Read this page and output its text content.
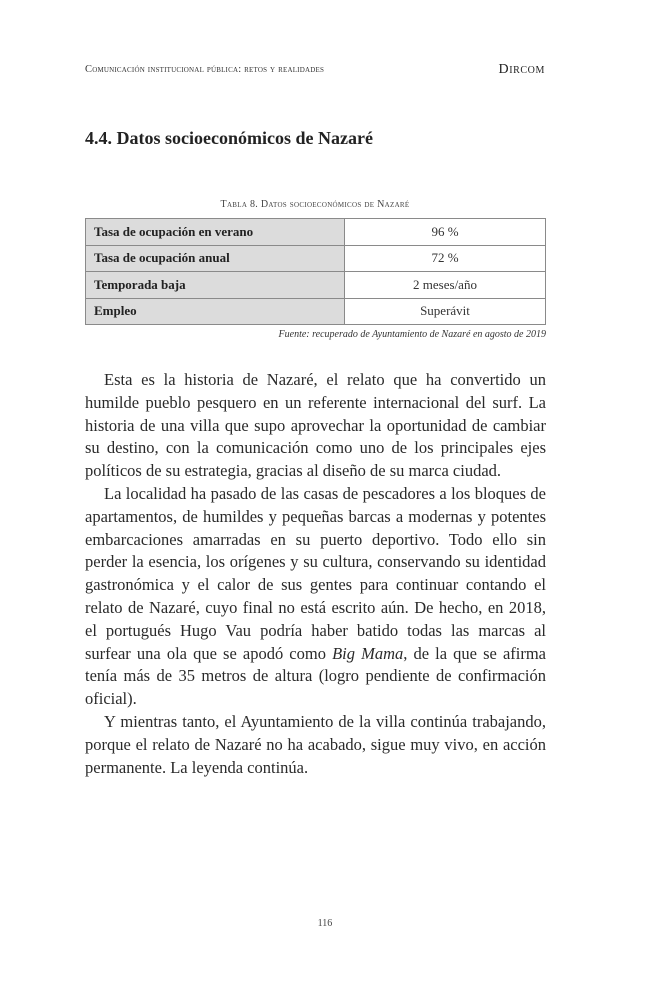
Comunicación institucional pública: retos y realidades	Dircom
4.4. Datos socioeconómicos de Nazaré
Tabla 8. Datos socioeconómicos de Nazaré
Tasa de ocupación en verano	96 %
Tasa de ocupación anual	72 %
Temporada baja	2 meses/año
Empleo	Superávit
Fuente: recuperado de Ayuntamiento de Nazaré en agosto de 2019

Esta es la historia de Nazaré, el relato que ha convertido un humilde pueblo pesquero en un referente internacional del surf. La historia de una villa que supo aprovechar la oportunidad de cambiar su destino, con la comunicación como uno de los principales ejes políticos de su estrategia, gracias al diseño de su marca ciudad.

La localidad ha pasado de las casas de pescadores a los bloques de apartamentos, de humildes y pequeñas barcas a modernas y potentes embarcaciones amarradas en su puerto deportivo. Todo ello sin perder la esencia, los orígenes y su cultura, conservando su identidad gastronómica y el calor de sus gentes para continuar contando el relato de Nazaré, cuyo final no está escrito aún. De hecho, en 2018, el portugués Hugo Vau podría haber batido todas las marcas al surfear una ola que se apodó como Big Mama, de la que se afirma tenía más de 35 metros de altura (logro pendiente de confirmación oficial).

Y mientras tanto, el Ayuntamiento de la villa continúa trabajando, porque el relato de Nazaré no ha acabado, sigue muy vivo, en acción permanente. La leyenda continúa.

116
